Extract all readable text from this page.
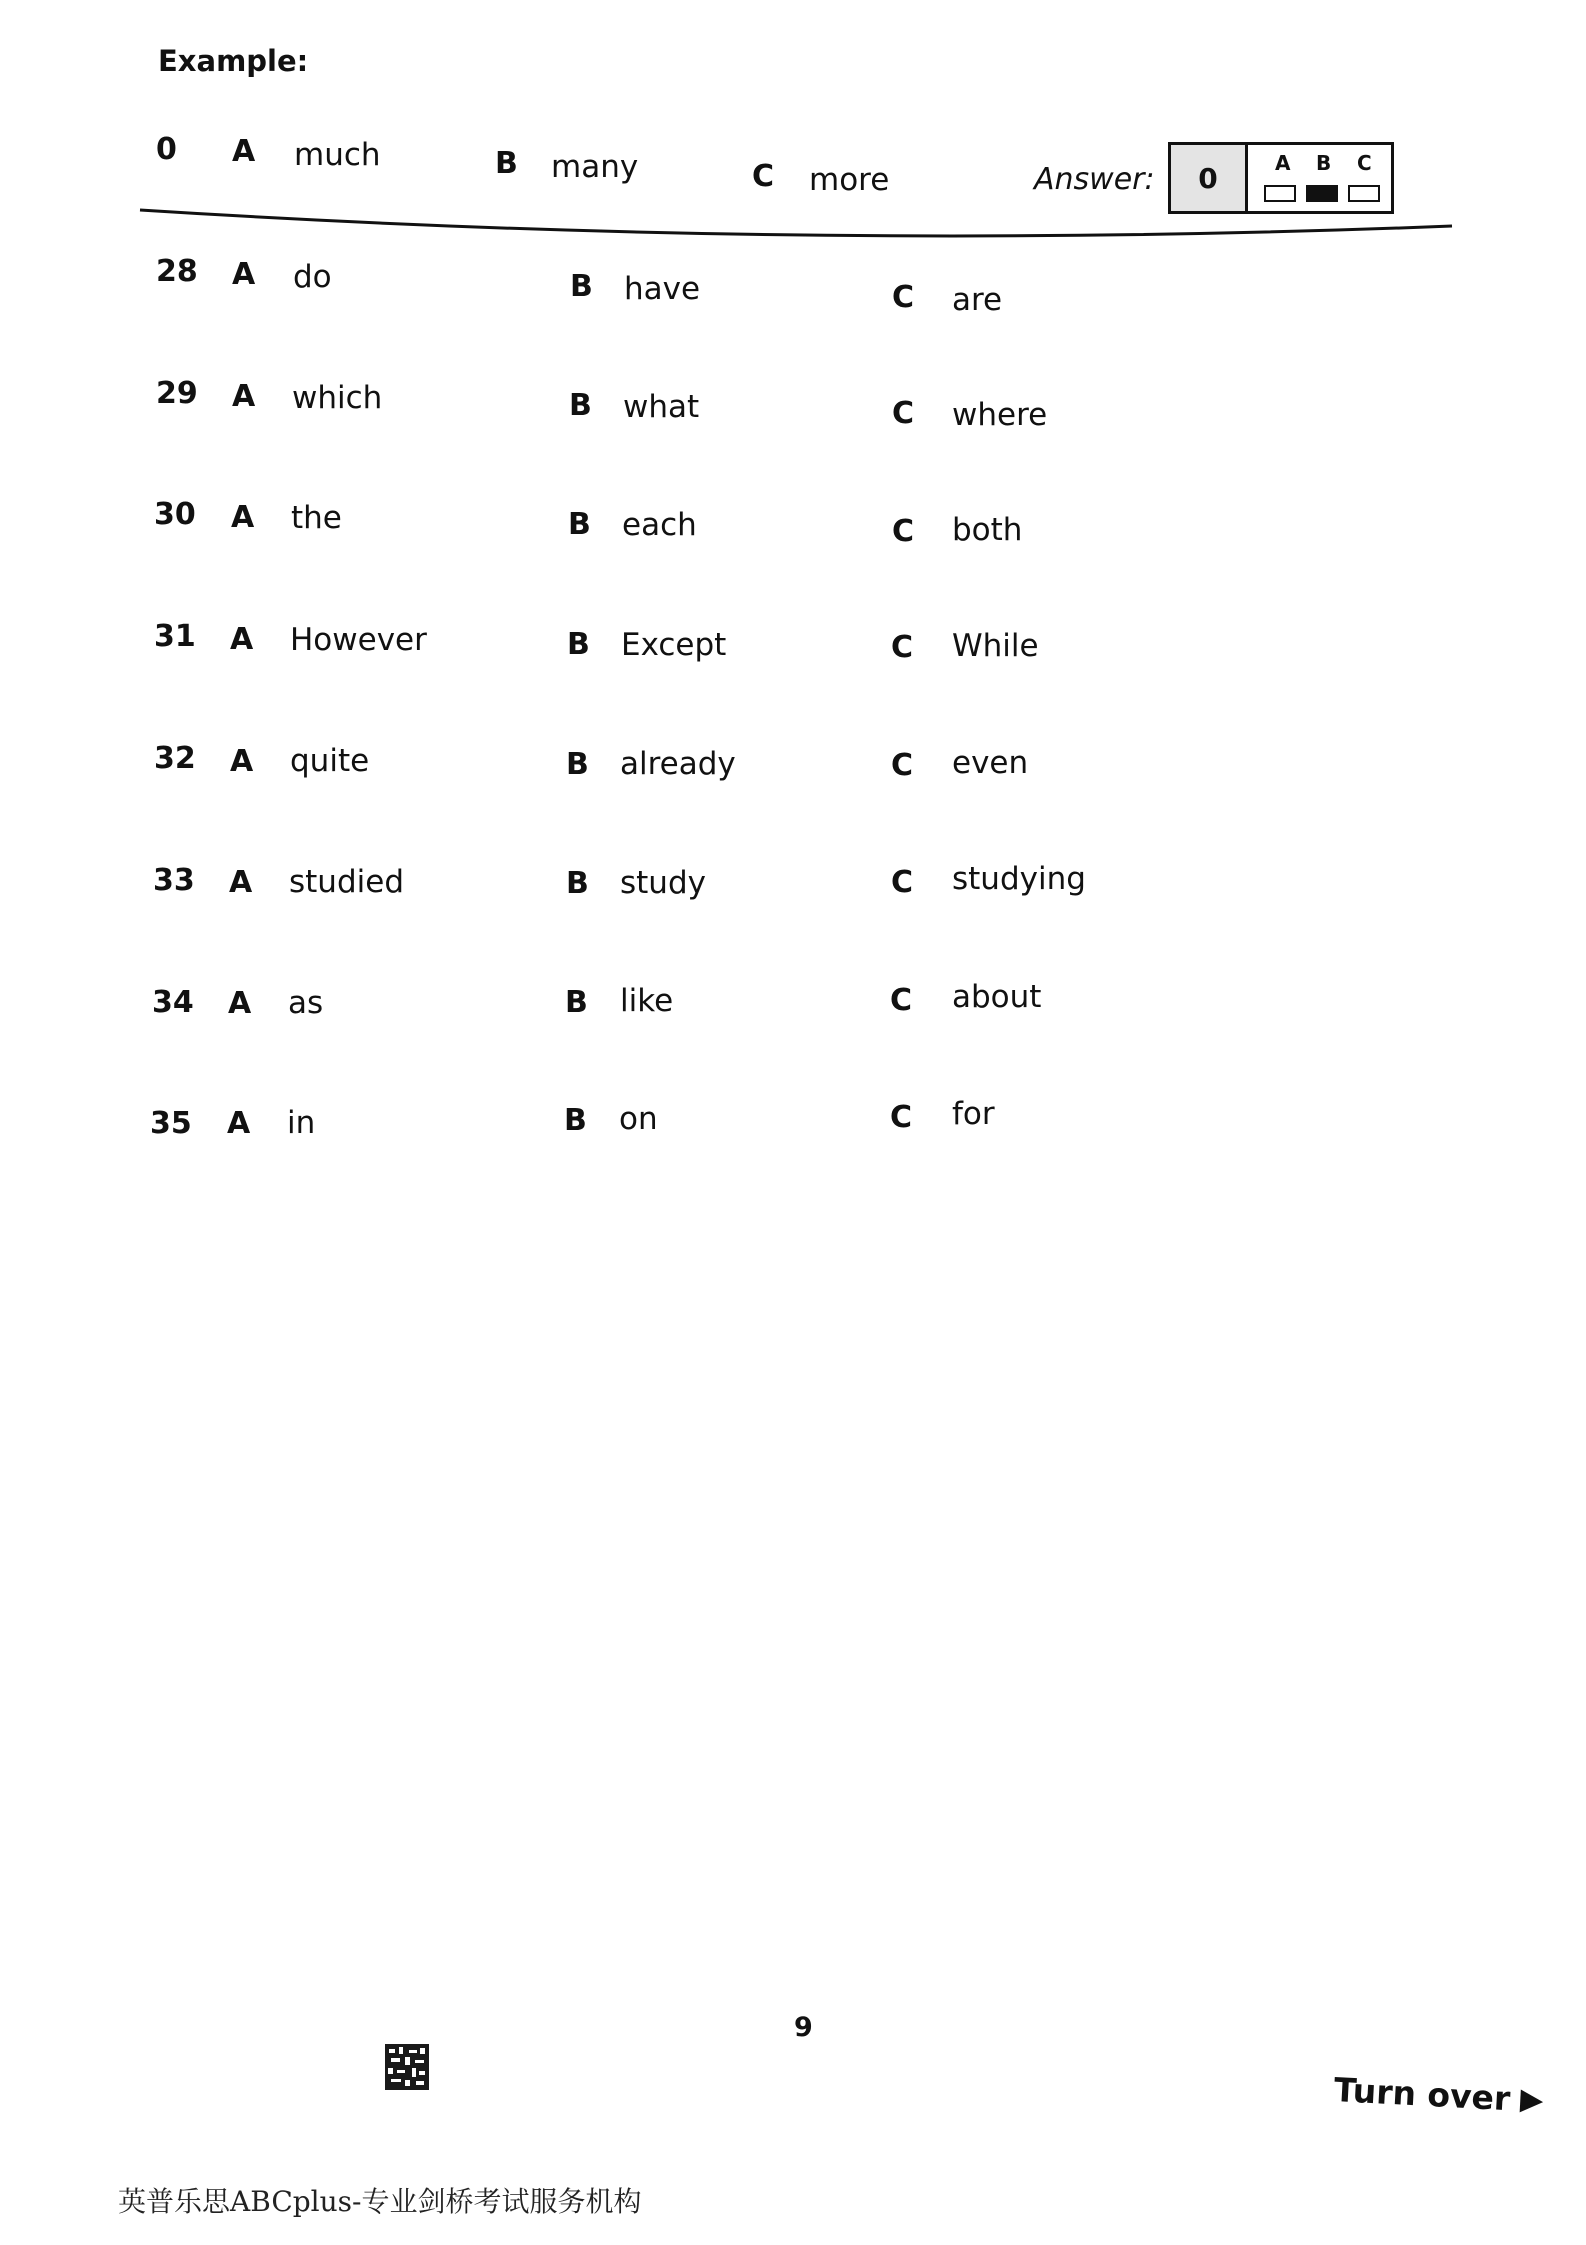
Example:
0 A much	B many	C more	Answer:	0	A B C
28 A do	B have	C are
29 A which	B what	C where
30 A the	B each	C both
31 A However	B Except	C While
32 A quite	B already	C even
33 A studied	B study	C studying
34 A as	B like	C about
35 A in	B on	C for
9
Turn over ▶
英普乐思ABCplus-专业剑桥考试服务机构
